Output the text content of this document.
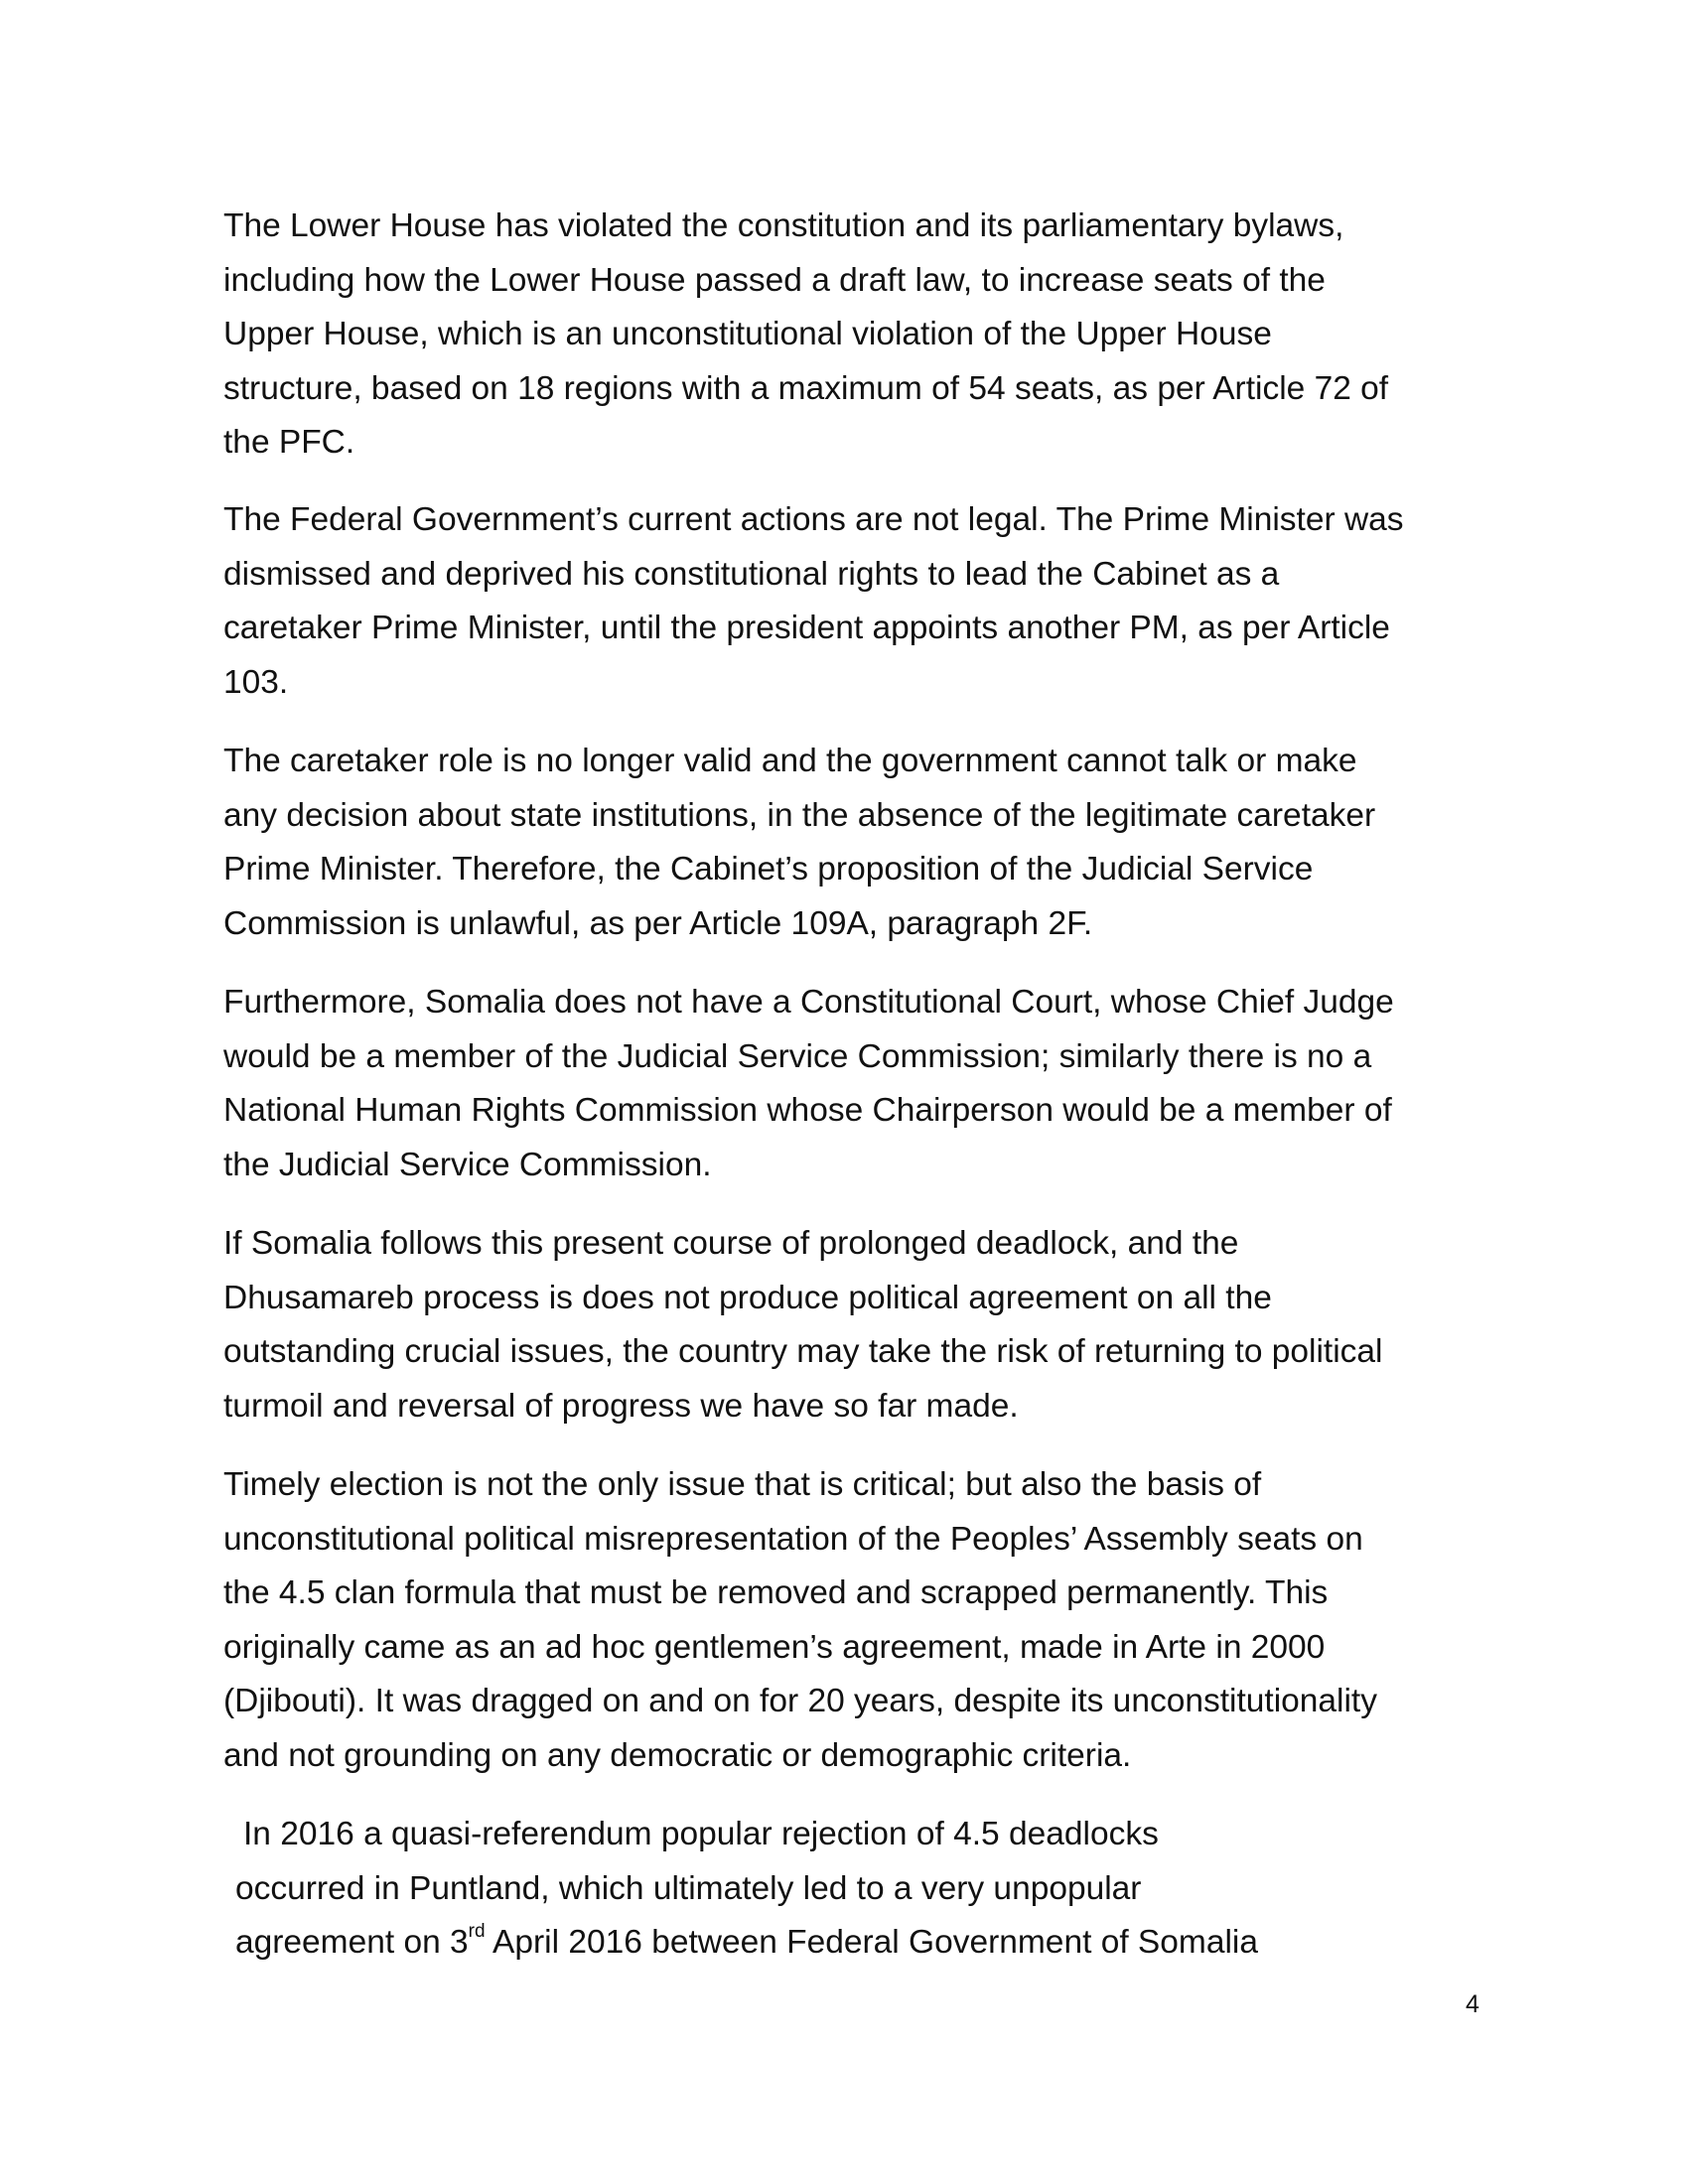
The Lower House has violated the constitution and its parliamentary bylaws,
including how the Lower House passed a draft law, to increase seats of the
Upper House, which is an unconstitutional violation of the Upper House
structure, based on 18 regions with a maximum of 54 seats, as per Article 72 of
the PFC.

The Federal Government’s current actions are not legal. The Prime Minister was
dismissed and deprived his constitutional rights to lead the Cabinet as a
caretaker Prime Minister, until the president appoints another PM, as per Article
103.

The caretaker role is no longer valid and the government cannot talk or make
any decision about state institutions, in the absence of the legitimate caretaker
Prime Minister. Therefore, the Cabinet’s proposition of the Judicial Service
Commission is unlawful, as per Article 109A, paragraph 2F.

Furthermore, Somalia does not have a Constitutional Court, whose Chief Judge
would be a member of the Judicial Service Commission; similarly there is no a
National Human Rights Commission whose Chairperson would be a member of
the Judicial Service Commission.

If Somalia follows this present course of prolonged deadlock, and the
Dhusamareb process is does not produce political agreement on all the
outstanding crucial issues, the country may take the risk of returning to political
turmoil and reversal of progress we have so far made.

Timely election is not the only issue that is critical; but also the basis of
unconstitutional political misrepresentation of the Peoples’ Assembly seats on
the 4.5 clan formula that must be removed and scrapped permanently. This
originally came as an ad hoc gentlemen’s agreement, made in Arte in 2000
(Djibouti). It was dragged on and on for 20 years, despite its unconstitutionality
and not grounding on any democratic or demographic criteria.

In 2016 a quasi-referendum popular rejection of 4.5 deadlocks
occurred in Puntland, which ultimately led to a very unpopular
agreement on 3rd April 2016 between Federal Government of Somalia

4
